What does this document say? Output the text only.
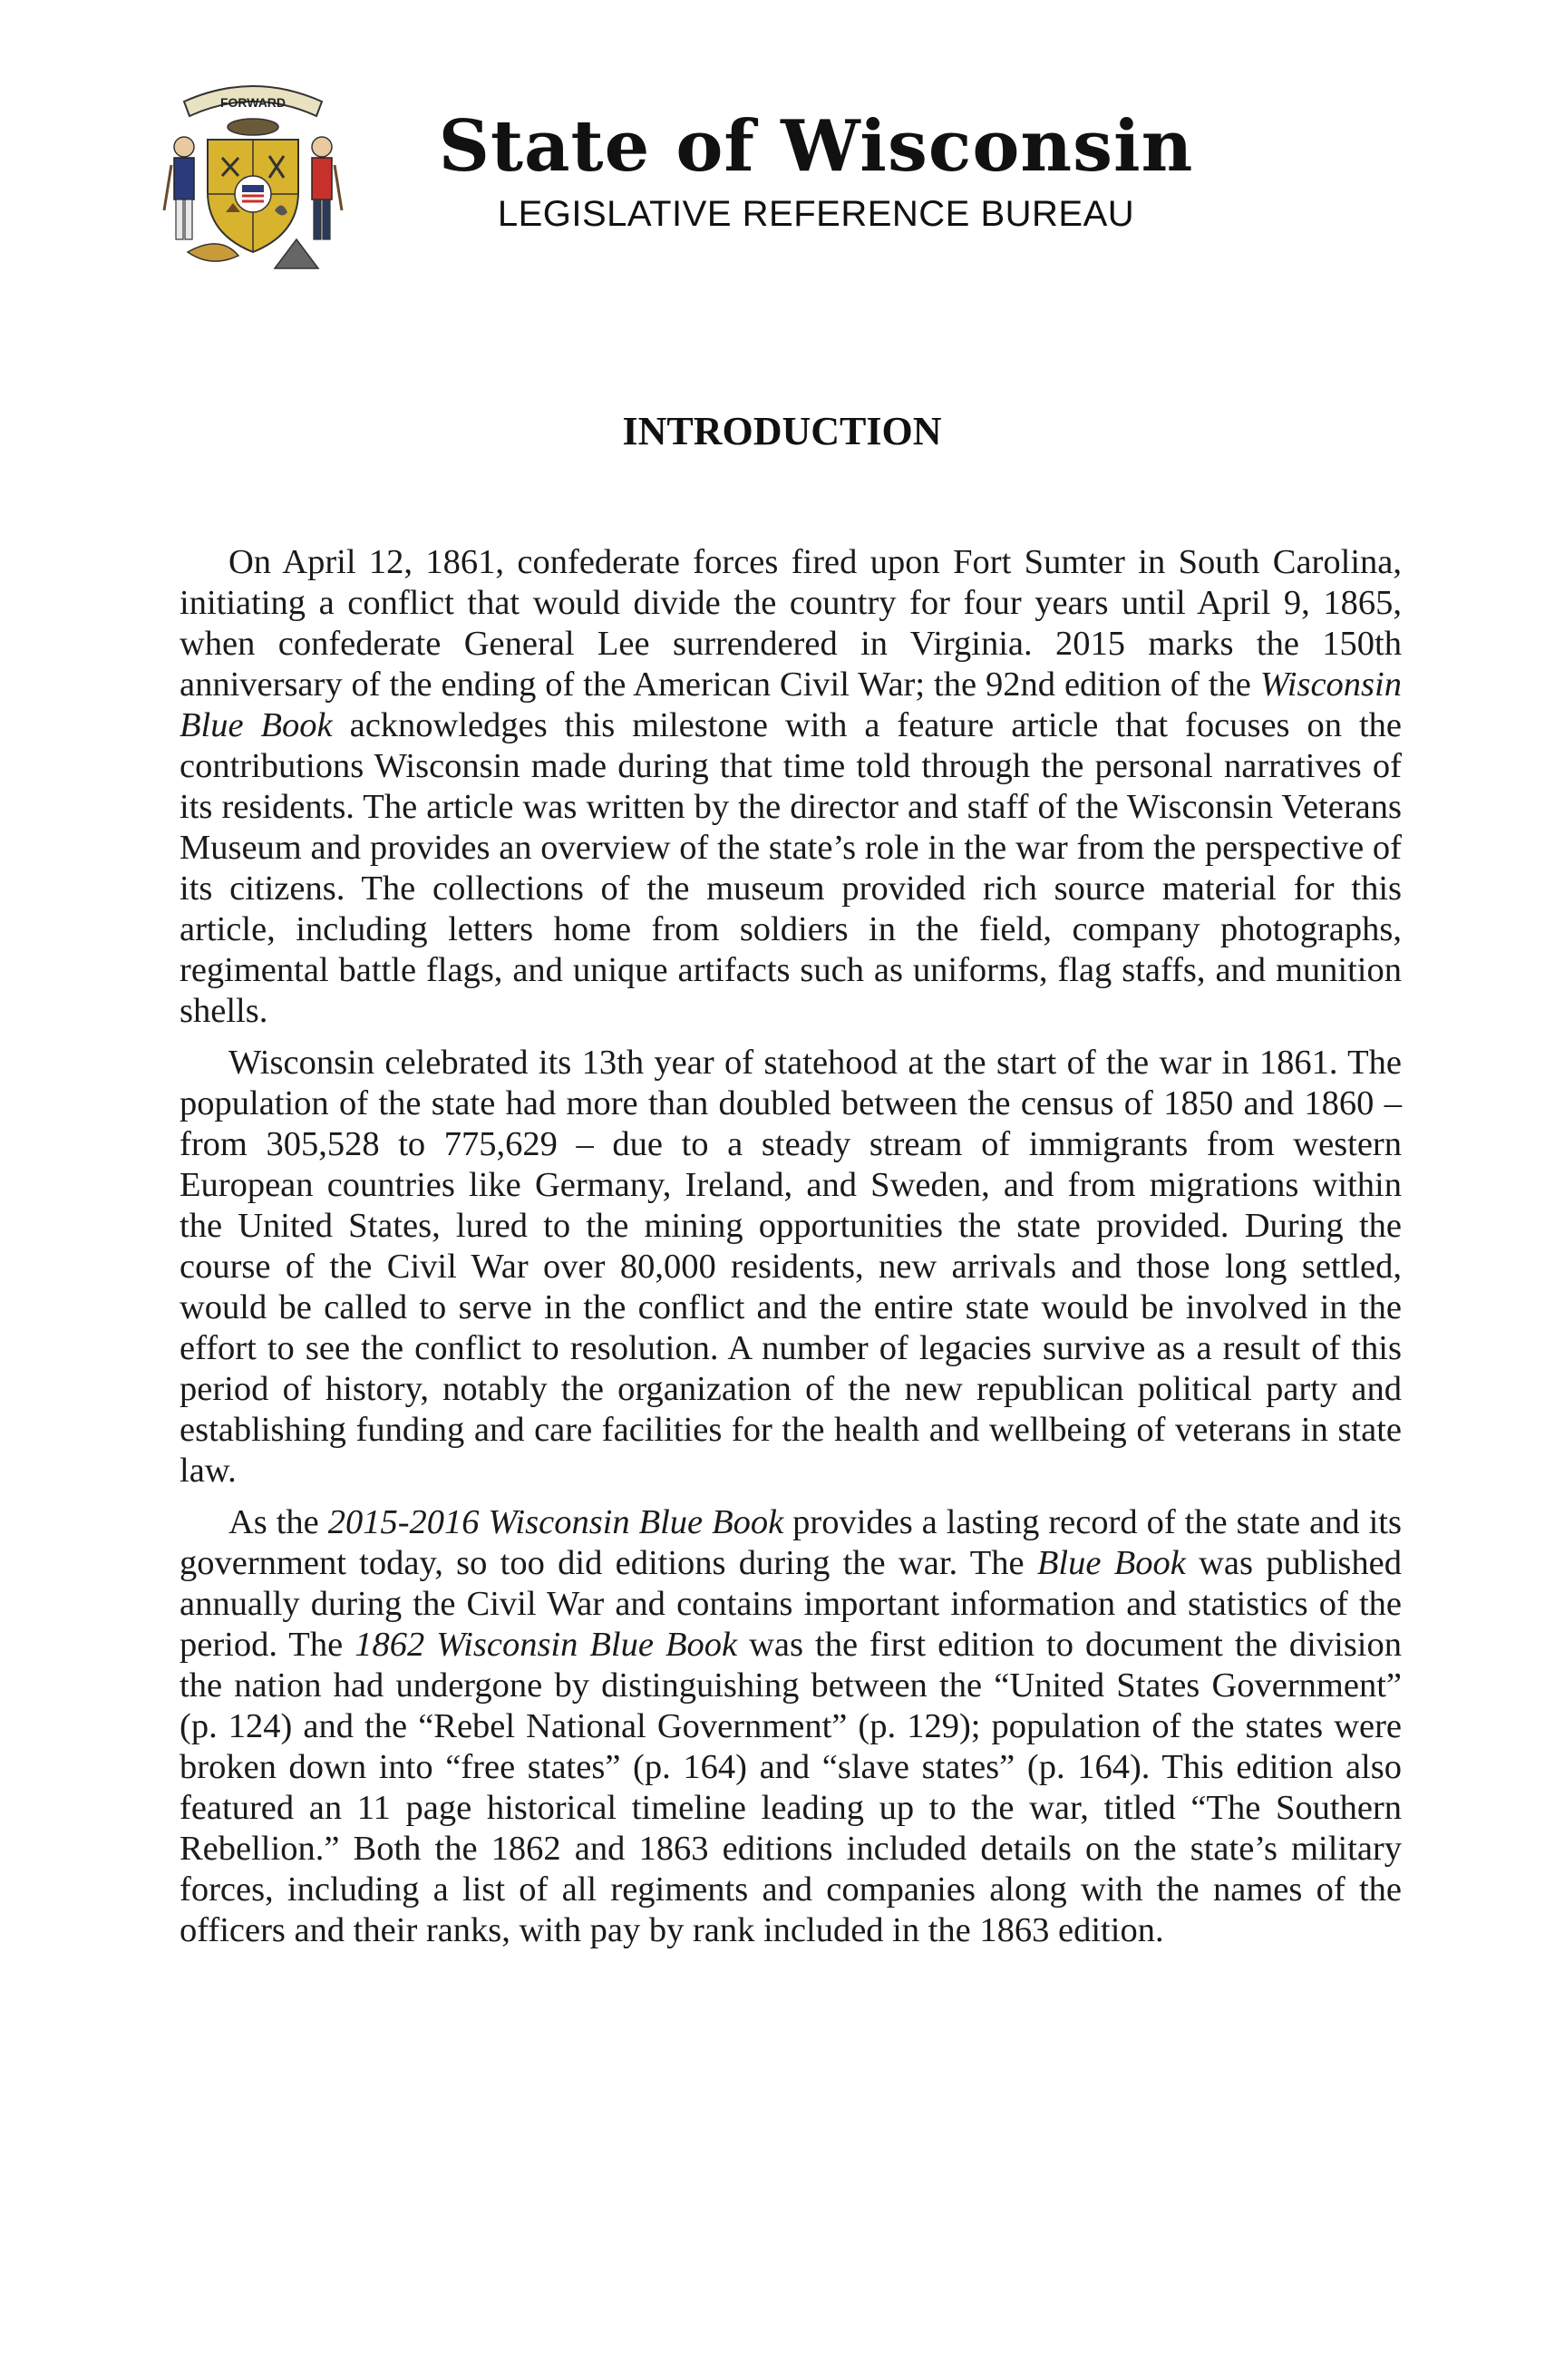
FORWARD
State of Wisconsin
LEGISLATIVE REFERENCE BUREAU
INTRODUCTION

On April 12, 1861, confederate forces fired upon Fort Sumter in South Carolina, initiating a conflict that would divide the country for four years until April 9, 1865, when confederate General Lee surrendered in Virginia. 2015 marks the 150th anniversary of the ending of the American Civil War; the 92nd edition of the Wisconsin Blue Book acknowledges this milestone with a feature article that focuses on the contributions Wisconsin made during that time told through the personal narratives of its residents. The article was written by the director and staff of the Wisconsin Veterans Museum and provides an overview of the state’s role in the war from the perspective of its citizens. The collections of the museum provided rich source material for this article, including letters home from soldiers in the field, company photographs, regimental battle flags, and unique artifacts such as uniforms, flag staffs, and munition shells.

Wisconsin celebrated its 13th year of statehood at the start of the war in 1861. The population of the state had more than doubled between the census of 1850 and 1860 – from 305,528 to 775,629 – due to a steady stream of immigrants from western European countries like Germany, Ireland, and Sweden, and from migrations within the United States, lured to the mining opportunities the state provided. During the course of the Civil War over 80,000 residents, new arrivals and those long settled, would be called to serve in the conflict and the entire state would be involved in the effort to see the conflict to resolution. A number of legacies survive as a result of this period of history, notably the organization of the new republican political party and establishing funding and care facilities for the health and wellbeing of veterans in state law.

As the 2015-2016 Wisconsin Blue Book provides a lasting record of the state and its government today, so too did editions during the war. The Blue Book was published annually during the Civil War and contains important information and statistics of the period. The 1862 Wisconsin Blue Book was the first edition to document the division the nation had undergone by distinguishing between the “United States Government” (p. 124) and the “Rebel National Government” (p. 129); population of the states were broken down into “free states” (p. 164) and “slave states” (p. 164). This edition also featured an 11 page historical timeline leading up to the war, titled “The Southern Rebellion.” Both the 1862 and 1863 editions included details on the state’s military forces, including a list of all regiments and companies along with the names of the officers and their ranks, with pay by rank included in the 1863 edition.
